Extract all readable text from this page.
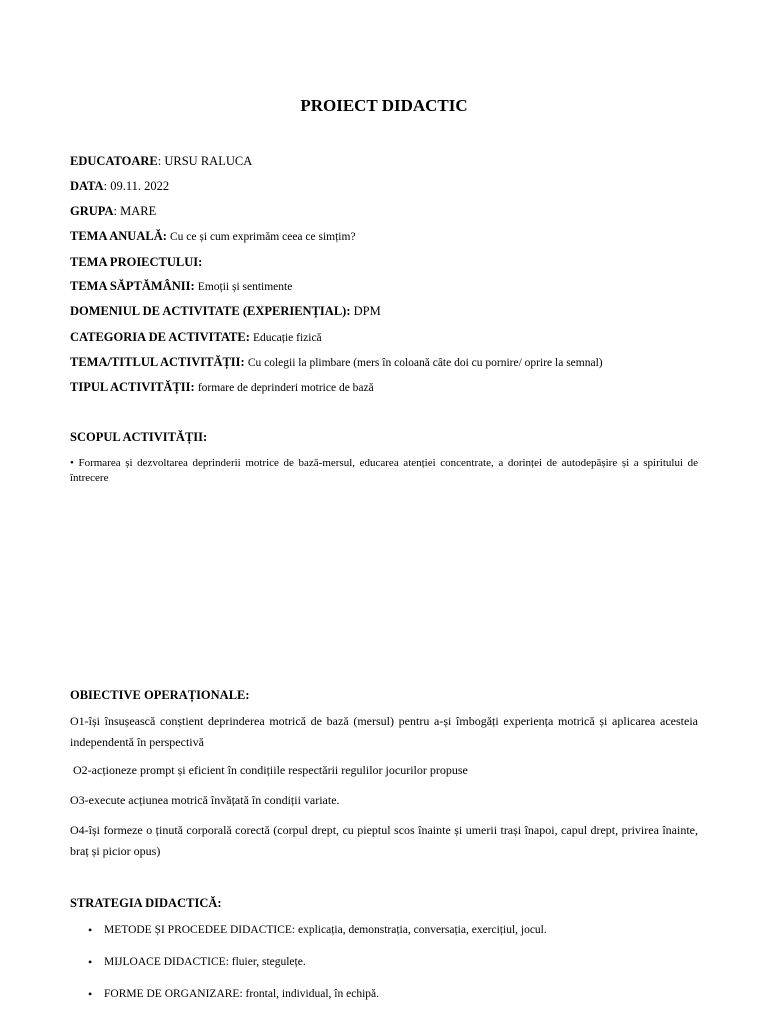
PROIECT DIDACTIC
EDUCATOARE: URSU RALUCA
DATA: 09.11. 2022
GRUPA: MARE
TEMA ANUALĂ: Cu ce și cum exprimăm ceea ce simțim?
TEMA PROIECTULUI:
TEMA SĂPTĂMÂNII: Emoții și sentimente
DOMENIUL DE ACTIVITATE (EXPERIENȚIAL): DPM
CATEGORIA DE ACTIVITATE: Educație fizică
TEMA/TITLUL ACTIVITĂȚII: Cu colegii la plimbare (mers în coloană câte doi cu pornire/ oprire la semnal)
TIPUL ACTIVITĂȚII: formare de deprinderi motrice de bază
SCOPUL ACTIVITĂȚII:
• Formarea și dezvoltarea deprinderii motrice de bază-mersul, educarea atenției concentrate, a dorinței de autodepășire și a spiritului de întrecere
OBIECTIVE OPERAȚIONALE:
O1-își însușească conștient deprinderea motrică de bază (mersul) pentru a-și îmbogăți experiența motrică și aplicarea acesteia independentă în perspectivă
O2-acționeze prompt și eficient în condițiile respectării regulilor jocurilor propuse
O3-execute acțiunea motrică învățată în condiții variate.
O4-își formeze o ținută corporală corectă (corpul drept, cu pieptul scos înainte și umerii trași înapoi, capul drept, privirea înainte, braț și picior opus)
STRATEGIA DIDACTICĂ:
• METODE ȘI PROCEDEE DIDACTICE: explicația, demonstrația, conversația, exercițiul, jocul.
• MIJLOACE DIDACTICE: fluier, stegulețe.
• FORME DE ORGANIZARE: frontal, individual, în echipă.
